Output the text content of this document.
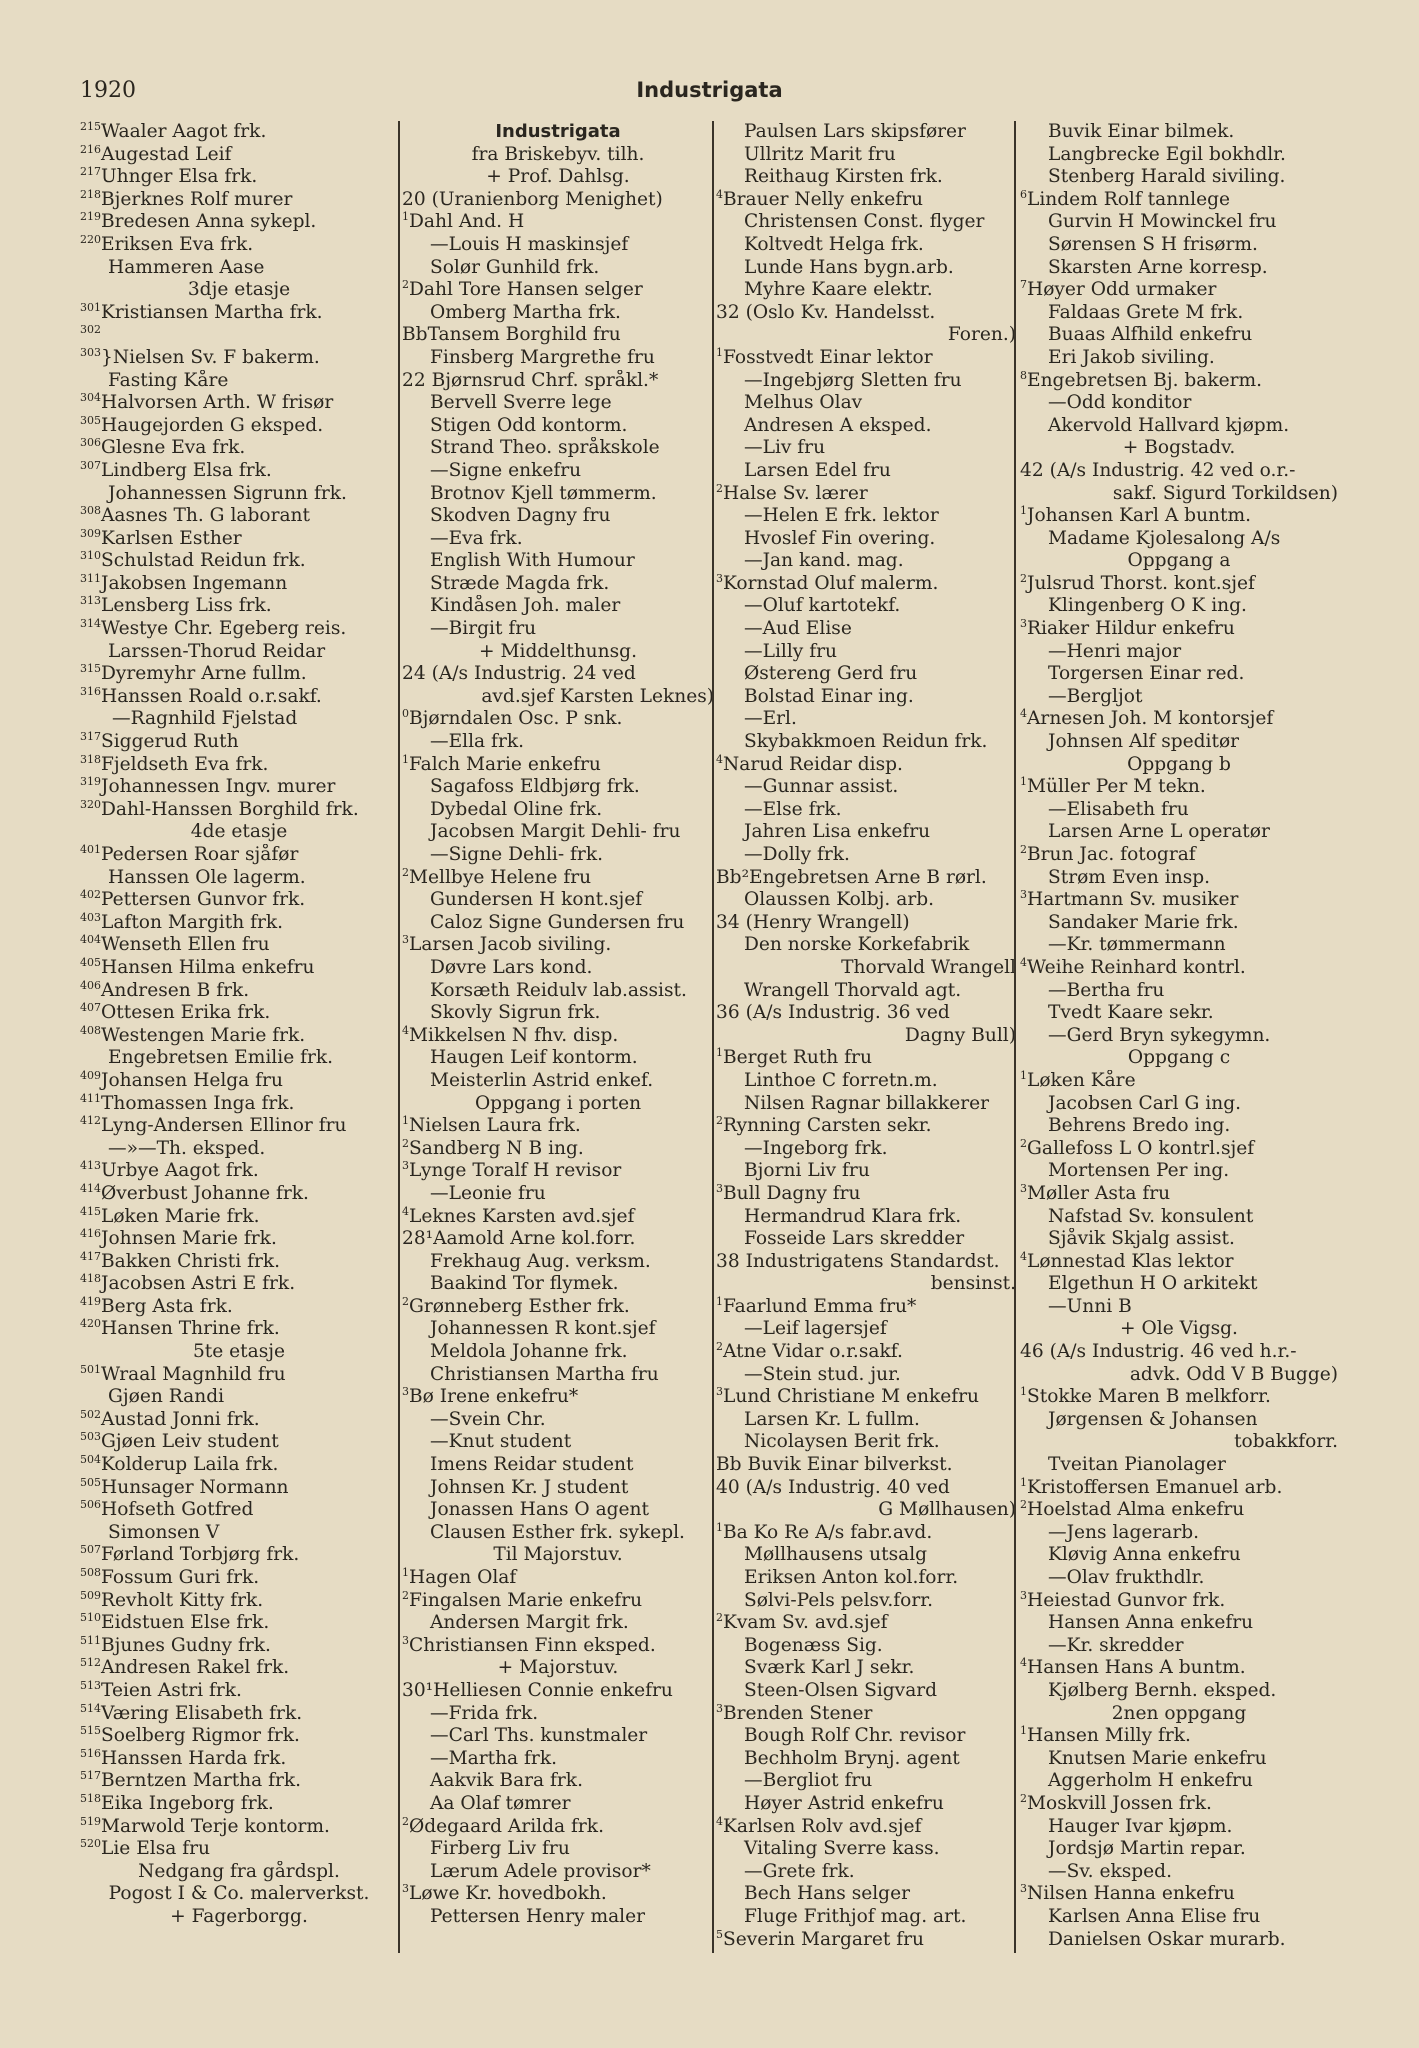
1920	Industrigata
$^{215}$Waaler Aagot frk.
$^{216}$Augestad Leif
$^{217}$Uhnger Elsa frk.
$^{218}$Bjerknes Rolf murer
$^{219}$Bredesen Anna sykepl.
$^{220}$Eriksen Eva frk.
Hammeren Aase
3dje etasje
$^{301}$Kristiansen Martha frk.
$^{302}$
$^{303}$}Nielsen Sv. F bakerm.
Fasting Kåre
$^{304}$Halvorsen Arth. W frisør
$^{305}$Haugejorden G eksped.
$^{306}$Glesne Eva frk.
$^{307}$Lindberg Elsa frk.
Johannessen Sigrunn frk.
$^{308}$Aasnes Th. G laborant
$^{309}$Karlsen Esther
$^{310}$Schulstad Reidun frk.
$^{311}$Jakobsen Ingemann
$^{313}$Lensberg Liss frk.
$^{314}$Westye Chr. Egeberg reis.
Larssen-Thorud Reidar
$^{315}$Dyremyhr Arne fullm.
$^{316}$Hanssen Roald o.r.sakf.
—Ragnhild Fjelstad
$^{317}$Siggerud Ruth
$^{318}$Fjeldseth Eva frk.
$^{319}$Johannessen Ingv. murer
$^{320}$Dahl-Hanssen Borghild frk.
4de etasje
$^{401}$Pedersen Roar sjåfør
Hanssen Ole lagerm.
$^{402}$Pettersen Gunvor frk.
$^{403}$Lafton Margith frk.
$^{404}$Wenseth Ellen fru
$^{405}$Hansen Hilma enkefru
$^{406}$Andresen B frk.
$^{407}$Ottesen Erika frk.
$^{408}$Westengen Marie frk.
Engebretsen Emilie frk.
$^{409}$Johansen Helga fru
$^{411}$Thomassen Inga frk.
$^{412}$Lyng-Andersen Ellinor fru
—»—Th. eksped.
$^{413}$Urbye Aagot frk.
$^{414}$Øverbust Johanne frk.
$^{415}$Løken Marie frk.
$^{416}$Johnsen Marie frk.
$^{417}$Bakken Christi frk.
$^{418}$Jacobsen Astri E frk.
$^{419}$Berg Asta frk.
$^{420}$Hansen Thrine frk.
5te etasje
$^{501}$Wraal Magnhild fru
Gjøen Randi
$^{502}$Austad Jonni frk.
$^{503}$Gjøen Leiv student
$^{504}$Kolderup Laila frk.
$^{505}$Hunsager Normann
$^{506}$Hofseth Gotfred
Simonsen V
$^{507}$Førland Torbjørg frk.
$^{508}$Fossum Guri frk.
$^{509}$Revholt Kitty frk.
$^{510}$Eidstuen Else frk.
$^{511}$Bjunes Gudny frk.
$^{512}$Andresen Rakel frk.
$^{513}$Teien Astri frk.
$^{514}$Væring Elisabeth frk.
$^{515}$Soelberg Rigmor frk.
$^{516}$Hanssen Harda frk.
$^{517}$Berntzen Martha frk.
$^{518}$Eika Ingeborg frk.
$^{519}$Marwold Terje kontorm.
$^{520}$Lie Elsa fru
Nedgang fra gårdspl.
Pogost I & Co. malerverkst.
+ Fagerborgg.
Industrigata
fra Briskebyv. tilh.
+ Prof. Dahlsg.
20 (Uranienborg Menighet)
$^1$Dahl And. H
—Louis H maskinsjef
Solør Gunhild frk.
$^2$Dahl Tore Hansen selger
Omberg Martha frk.
BbTansem Borghild fru
Finsberg Margrethe fru
22 Bjørnsrud Chrf. språkl.*
Bervell Sverre lege
Stigen Odd kontorm.
Strand Theo. språkskole
—Signe enkefru
Brotnov Kjell tømmerm.
Skodven Dagny fru
—Eva frk.
English With Humour
Stræde Magda frk.
Kindåsen Joh. maler
—Birgit fru
+ Middelthunsg.
24 (A/s Industrig. 24 ved
avd.sjef Karsten Leknes)
$^0$Bjørndalen Osc. P snk.
—Ella frk.
$^1$Falch Marie enkefru
Sagafoss Eldbjørg frk.
Dybedal Oline frk.
Jacobsen Margit Dehli- fru
—Signe Dehli- frk.
$^2$Mellbye Helene fru
Gundersen H kont.sjef
Caloz Signe Gundersen fru
$^3$Larsen Jacob siviling.
Døvre Lars kond.
Korsæth Reidulv lab.assist.
Skovly Sigrun frk.
$^4$Mikkelsen N fhv. disp.
Haugen Leif kontorm.
Meisterlin Astrid enkef.
Oppgang i porten
$^1$Nielsen Laura frk.
$^2$Sandberg N B ing.
$^3$Lynge Toralf H revisor
—Leonie fru
$^4$Leknes Karsten avd.sjef
28¹Aamold Arne kol.forr.
Frekhaug Aug. verksm.
Baakind Tor flymek.
$^2$Grønneberg Esther frk.
Johannessen R kont.sjef
Meldola Johanne frk.
Christiansen Martha fru
$^3$Bø Irene enkefru*
—Svein Chr.
—Knut student
Imens Reidar student
Johnsen Kr. J student
Jonassen Hans O agent
Clausen Esther frk. sykepl.
Til Majorstuv.
$^1$Hagen Olaf
$^2$Fingalsen Marie enkefru
Andersen Margit frk.
$^3$Christiansen Finn eksped.
+ Majorstuv.
30¹Helliesen Connie enkefru
—Frida frk.
—Carl Ths. kunstmaler
—Martha frk.
Aakvik Bara frk.
Aa Olaf tømrer
$^2$Ødegaard Arilda frk.
Firberg Liv fru
Lærum Adele provisor*
$^3$Løwe Kr. hovedbokh.
Pettersen Henry maler
Paulsen Lars skipsfører
Ullritz Marit fru
Reithaug Kirsten frk.
$^4$Brauer Nelly enkefru
Christensen Const. flyger
Koltvedt Helga frk.
Lunde Hans bygn.arb.
Myhre Kaare elektr.
32 (Oslo Kv. Handelsst.
Foren.)
$^1$Fosstvedt Einar lektor
—Ingebjørg Sletten fru
Melhus Olav
Andresen A eksped.
—Liv fru
Larsen Edel fru
$^2$Halse Sv. lærer
—Helen E frk. lektor
Hvoslef Fin overing.
—Jan kand. mag.
$^3$Kornstad Oluf malerm.
—Oluf kartotekf.
—Aud Elise
—Lilly fru
Østereng Gerd fru
Bolstad Einar ing.
—Erl.
Skybakkmoen Reidun frk.
$^4$Narud Reidar disp.
—Gunnar assist.
—Else frk.
Jahren Lisa enkefru
—Dolly frk.
Bb²Engebretsen Arne B rørl.
Olaussen Kolbj. arb.
34 (Henry Wrangell)
Den norske Korkefabrik
Thorvald Wrangell
Wrangell Thorvald agt.
36 (A/s Industrig. 36 ved
Dagny Bull)
$^1$Berget Ruth fru
Linthoe C forretn.m.
Nilsen Ragnar billakkerer
$^2$Rynning Carsten sekr.
—Ingeborg frk.
Bjorni Liv fru
$^3$Bull Dagny fru
Hermandrud Klara frk.
Fosseide Lars skredder
38 Industrigatens Standardst.
bensinst.
$^1$Faarlund Emma fru*
—Leif lagersjef
$^2$Atne Vidar o.r.sakf.
—Stein stud. jur.
$^3$Lund Christiane M enkefru
Larsen Kr. L fullm.
Nicolaysen Berit frk.
Bb Buvik Einar bilverkst.
40 (A/s Industrig. 40 ved
G Møllhausen)
$^1$Ba Ko Re A/s fabr.avd.
Møllhausens utsalg
Eriksen Anton kol.forr.
Sølvi-Pels pelsv.forr.
$^2$Kvam Sv. avd.sjef
Bogenæss Sig.
Sværk Karl J sekr.
Steen-Olsen Sigvard
$^3$Brenden Stener
Bough Rolf Chr. revisor
Bechholm Brynj. agent
—Bergliot fru
Høyer Astrid enkefru
$^4$Karlsen Rolv avd.sjef
Vitaling Sverre kass.
—Grete frk.
Bech Hans selger
Fluge Frithjof mag. art.
$^5$Severin Margaret fru
Buvik Einar bilmek.
Langbrecke Egil bokhdlr.
Stenberg Harald siviling.
$^6$Lindem Rolf tannlege
Gurvin H Mowinckel fru
Sørensen S H frisørm.
Skarsten Arne korresp.
$^7$Høyer Odd urmaker
Faldaas Grete M frk.
Buaas Alfhild enkefru
Eri Jakob siviling.
$^8$Engebretsen Bj. bakerm.
—Odd konditor
Akervold Hallvard kjøpm.
+ Bogstadv.
42 (A/s Industrig. 42 ved o.r.-
sakf. Sigurd Torkildsen)
$^1$Johansen Karl A buntm.
Madame Kjolesalong A/s
Oppgang a
$^2$Julsrud Thorst. kont.sjef
Klingenberg O K ing.
$^3$Riaker Hildur enkefru
—Henri major
Torgersen Einar red.
—Bergljot
$^4$Arnesen Joh. M kontorsjef
Johnsen Alf speditør
Oppgang b
$^1$Müller Per M tekn.
—Elisabeth fru
Larsen Arne L operatør
$^2$Brun Jac. fotograf
Strøm Even insp.
$^3$Hartmann Sv. musiker
Sandaker Marie frk.
—Kr. tømmermann
$^4$Weihe Reinhard kontrl.
—Bertha fru
Tvedt Kaare sekr.
—Gerd Bryn sykegymn.
Oppgang c
$^1$Løken Kåre
Jacobsen Carl G ing.
Behrens Bredo ing.
$^2$Gallefoss L O kontrl.sjef
Mortensen Per ing.
$^3$Møller Asta fru
Nafstad Sv. konsulent
Sjåvik Skjalg assist.
$^4$Lønnestad Klas lektor
Elgethun H O arkitekt
—Unni B
+ Ole Vigsg.
46 (A/s Industrig. 46 ved h.r.-
advk. Odd V B Bugge)
$^1$Stokke Maren B melkforr.
Jørgensen & Johansen
tobakkforr.
Tveitan Pianolager
$^1$Kristoffersen Emanuel arb.
$^2$Hoelstad Alma enkefru
—Jens lagerarb.
Kløvig Anna enkefru
—Olav frukthdlr.
$^3$Heiestad Gunvor frk.
Hansen Anna enkefru
—Kr. skredder
$^4$Hansen Hans A buntm.
Kjølberg Bernh. eksped.
2nen oppgang
$^1$Hansen Milly frk.
Knutsen Marie enkefru
Aggerholm H enkefru
$^2$Moskvill Jossen frk.
Hauger Ivar kjøpm.
Jordsjø Martin repar.
—Sv. eksped.
$^3$Nilsen Hanna enkefru
Karlsen Anna Elise fru
Danielsen Oskar murarb.
